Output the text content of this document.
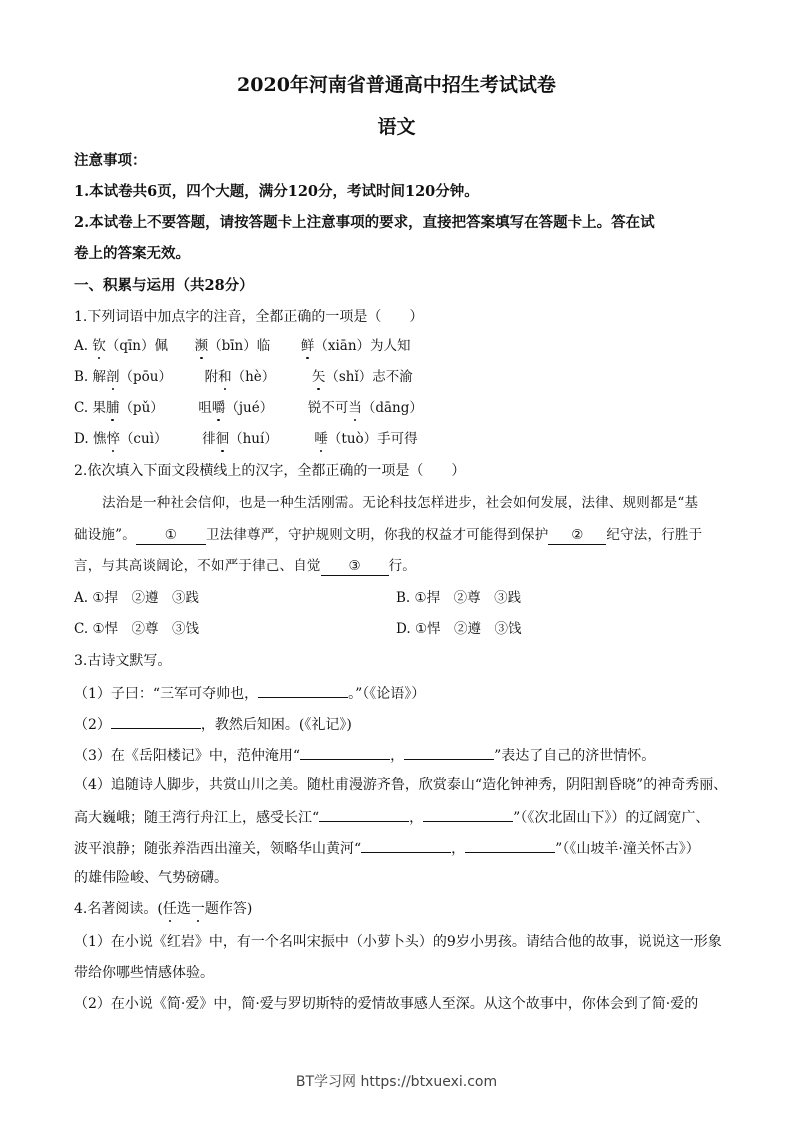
2020年河南省普通高中招生考试试卷
语文
注意事项：
1.本试卷共6页，四个大题，满分120分，考试时间120分钟。
2.本试卷上不要答题，请按答题卡上注意事项的要求，直接把答案填写在答题卡上。答在试
卷上的答案无效。
一、积累与运用（共28分）
1.下列词语中加点字的注音，全都正确的一项是（　　）
A. 钦（qīn）佩 濒（bīn）临 鲜（xiān）为人知
B. 解剖（pōu） 附和（hè）	矢（shǐ）志不渝
C. 果脯（pǔ）	咀嚼（jué）	锐不可当（dāng）
D. 憔悴（cuì）	徘徊（huí）	唾（tuò）手可得
2.依次填入下面文段横线上的汉字，全都正确的一项是（　　）
法治是一种社会信仰，也是一种生活刚需。无论科技怎样进步，社会如何发展，法律、规则都是“基
础设施”。 ① 卫法律尊严，守护规则文明，你我的权益才可能得到保护 ② 纪守法，行胜于
言，与其高谈阔论，不如严于律己、自觉 ③ 行。
A. ①捍　②遵　③践	B. ①捍　②尊　③践
C. ①悍　②尊　③饯	D. ①悍　②遵　③饯
3.古诗文默写。
（1）子曰：“三军可夺帅也，	。”（《论语》）
（2）	，教然后知困。(《礼记》)
（3）在《岳阳楼记》中，范仲淹用“	，	”表达了自己的济世情怀。
（4）追随诗人脚步，共赏山川之美。随杜甫漫游齐鲁，欣赏泰山“造化钟神秀，阴阳割昏晓”的神奇秀丽、
高大巍峨；随王湾行舟江上，感受长江“	，	”（《次北固山下》）的辽阔宽广、
波平浪静；随张养浩西出潼关，领略华山黄河“	，	”（《山坡羊·潼关怀古》）
的雄伟险峻、气势磅礴。
4.名著阅读。(任选一题作答)
（1）在小说《红岩》中，有一个名叫宋振中（小萝卜头）的9岁小男孩。请结合他的故事，说说这一形象
带给你哪些情感体验。
（2）在小说《简·爱》中，简·爱与罗切斯特的爱情故事感人至深。从这个故事中，你体会到了简·爱的
BT学习网 https://btxuexi.com
